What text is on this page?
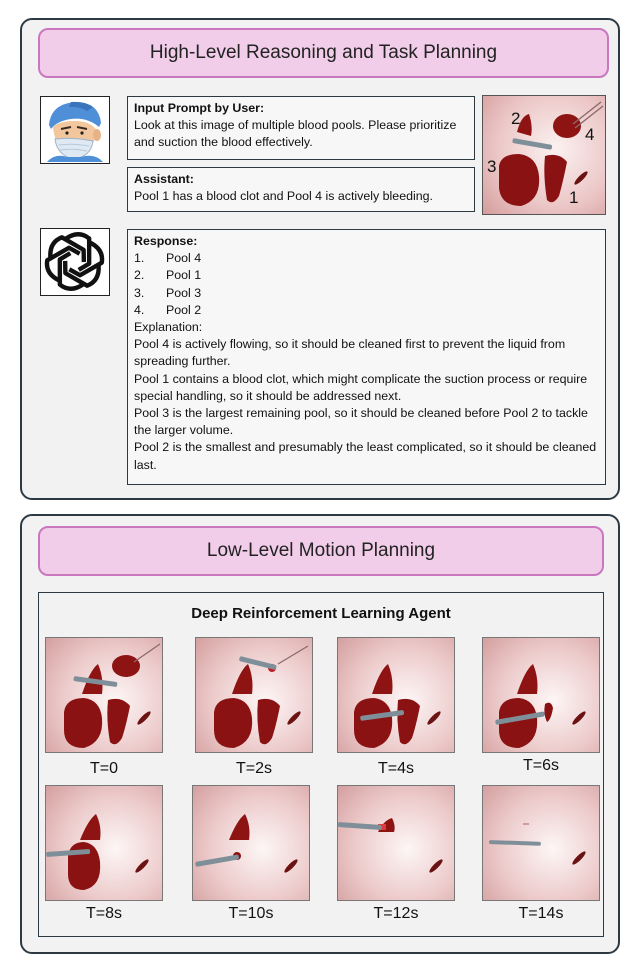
High-Level Reasoning and Task Planning
Input Prompt by User:
Look at this image of multiple blood pools. Please prioritize and suction the blood effectively.
Assistant:
Pool 1 has a blood clot and Pool 4 is actively bleeding.
2
4
3
1
Response:
1.	Pool 4
2.	Pool 1
3.	Pool 3
4.	Pool 2
Explanation:
Pool 4 is actively flowing, so it should be cleaned first to prevent the liquid from spreading further.
Pool 1 contains a blood clot, which might complicate the suction process or require special handling, so it should be addressed next.
Pool 3 is the largest remaining pool, so it should be cleaned before Pool 2 to tackle the larger volume.
Pool 2 is the smallest and presumably the least complicated, so it should be cleaned last.
Low-Level Motion Planning
Deep Reinforcement Learning Agent
T=0	T=2s	T=4s	T=6s
T=8s	T=10s	T=12s	T=14s
